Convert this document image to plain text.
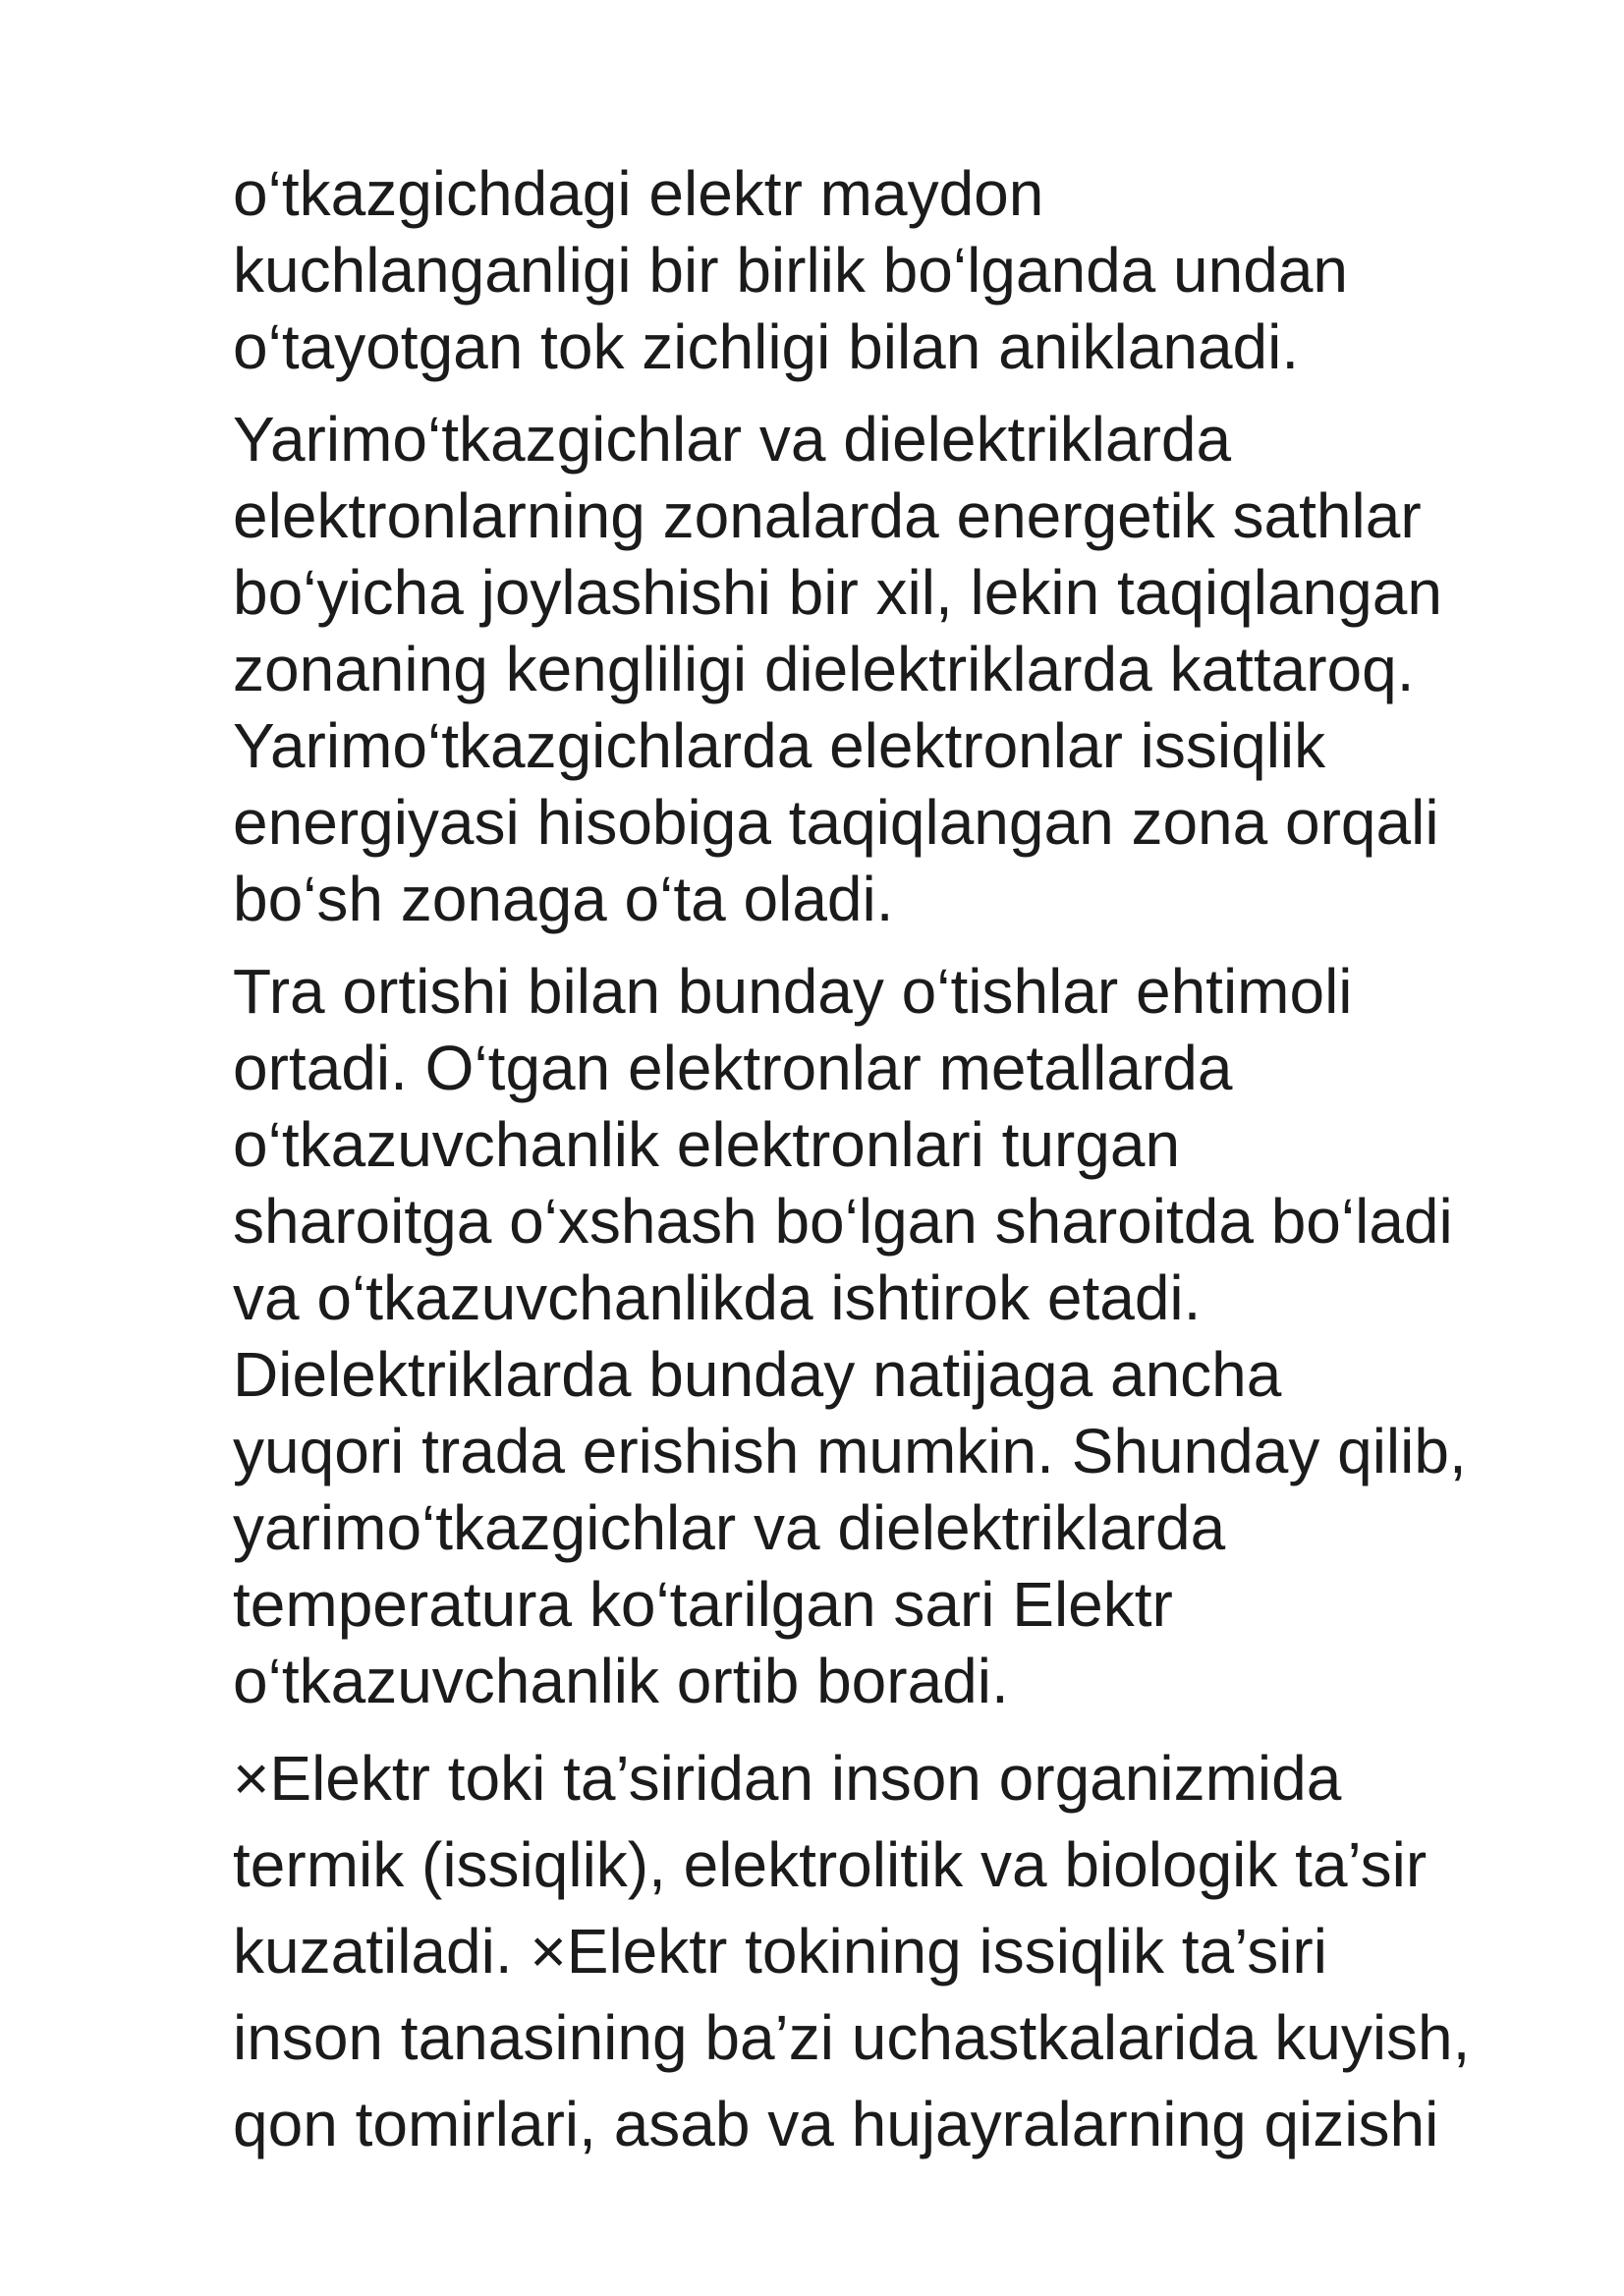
o‘tkazgichdagi elektr maydon
kuchlanganligi bir birlik bo‘lganda undan
o‘tayotgan tok zichligi bilan aniklanadi.

Yarimo‘tkazgichlar va dielektriklarda
elektronlarning zonalarda energetik sathlar
bo‘yicha joylashishi bir xil, lekin taqiqlangan
zonaning kengliligi dielektriklarda kattaroq.
Yarimo‘tkazgichlarda elektronlar issiqlik
energiyasi hisobiga taqiqlangan zona orqali
bo‘sh zonaga o‘ta oladi.

Tra ortishi bilan bunday o‘tishlar ehtimoli
ortadi. O‘tgan elektronlar metallarda
o‘tkazuvchanlik elektronlari turgan
sharoitga o‘xshash bo‘lgan sharoitda bo‘ladi
va o‘tkazuvchanlikda ishtirok etadi.
Dielektriklarda bunday natijaga ancha
yuqori trada erishish mumkin. Shunday qilib,
yarimo‘tkazgichlar va dielektriklarda
temperatura ko‘tarilgan sari Elektr
o‘tkazuvchanlik ortib boradi.

×Elektr toki ta’siridan inson organizmida
termik (issiqlik), elektrolitik va biologik ta’sir
kuzatiladi. ×Elektr tokining issiqlik ta’siri
inson tanasining ba’zi uchastkalarida kuyish,
qon tomirlari, asab va hujayralarning qizishi
